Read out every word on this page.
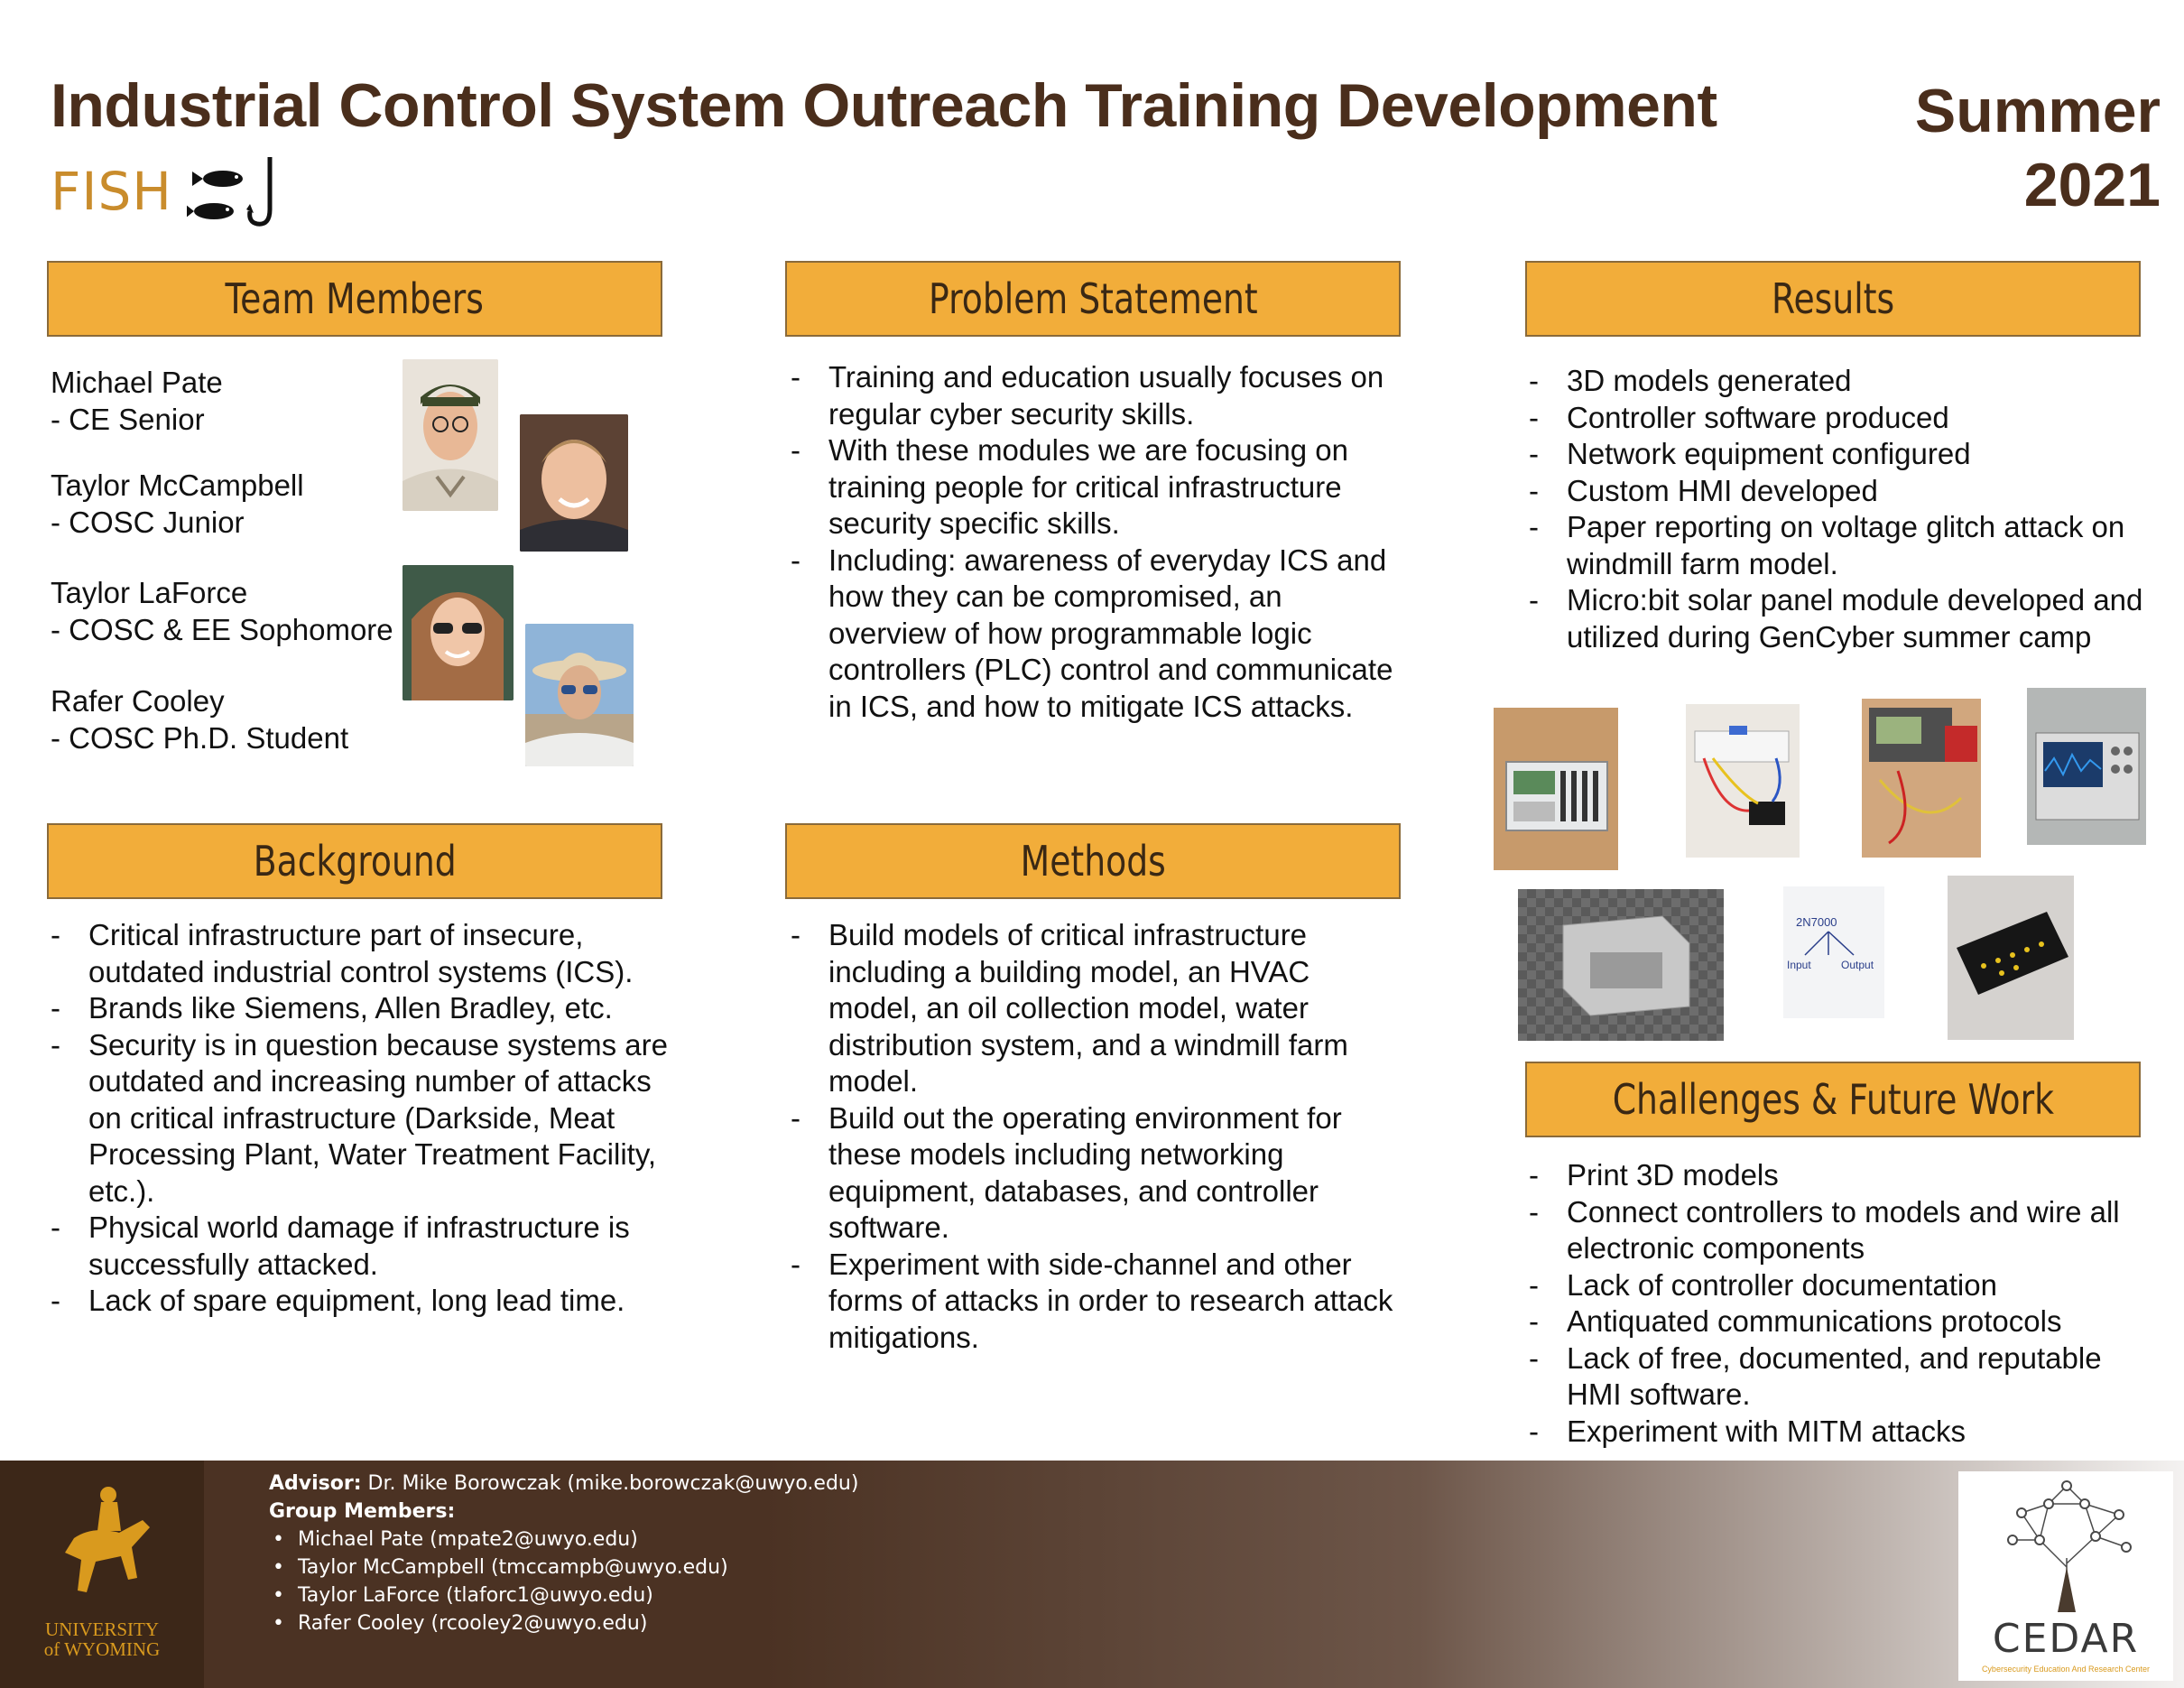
Industrial Control System Outreach Training Development	Summer
2021
FISH
Team Members	Problem Statement	Results
Background	Methods
Challenges & Future Work
Michael Pate
- CE Senior
Taylor McCampbell
- COSC Junior
Taylor LaForce
- COSC & EE Sophomore
Rafer Cooley
- COSC Ph.D. Student
- Training and education usually focuses on regular cyber security skills.
- With these modules we are focusing on training people for critical infrastructure security specific skills.
- Including: awareness of everyday ICS and how they can be compromised, an overview of how programmable logic controllers (PLC) control and communicate in ICS, and how to mitigate ICS attacks.
- 3D models generated
- Controller software produced
- Network equipment configured
- Custom HMI developed
- Paper reporting on voltage glitch attack on windmill farm model.
- Micro:bit solar panel module developed and utilized during GenCyber summer camp
2N7000
Input	Output
- Critical infrastructure part of insecure, outdated industrial control systems (ICS).
- Brands like Siemens, Allen Bradley, etc.
- Security is in question because systems are outdated and increasing number of attacks on critical infrastructure (Darkside, Meat Processing Plant, Water Treatment Facility, etc.).
- Physical world damage if infrastructure is successfully attacked.
- Lack of spare equipment, long lead time.
- Build models of critical infrastructure including a building model, an HVAC model, an oil collection model, water distribution system, and a windmill farm model.
- Build out the operating environment for these models including networking equipment, databases, and controller software.
- Experiment with side-channel and other forms of attacks in order to research attack mitigations.
- Print 3D models
- Connect controllers to models and wire all electronic components
- Lack of controller documentation
- Antiquated communications protocols
- Lack of free, documented, and reputable HMI software.
- Experiment with MITM attacks
UNIVERSITY
of WYOMING
Advisor: Dr. Mike Borowczak (mike.borowczak@uwyo.edu)
Group Members:
• Michael Pate (mpate2@uwyo.edu)
• Taylor McCampbell (tmccampb@uwyo.edu)
• Taylor LaForce (tlaforc1@uwyo.edu)
• Rafer Cooley (rcooley2@uwyo.edu)	CEDAR
Cybersecurity Education And Research Center
